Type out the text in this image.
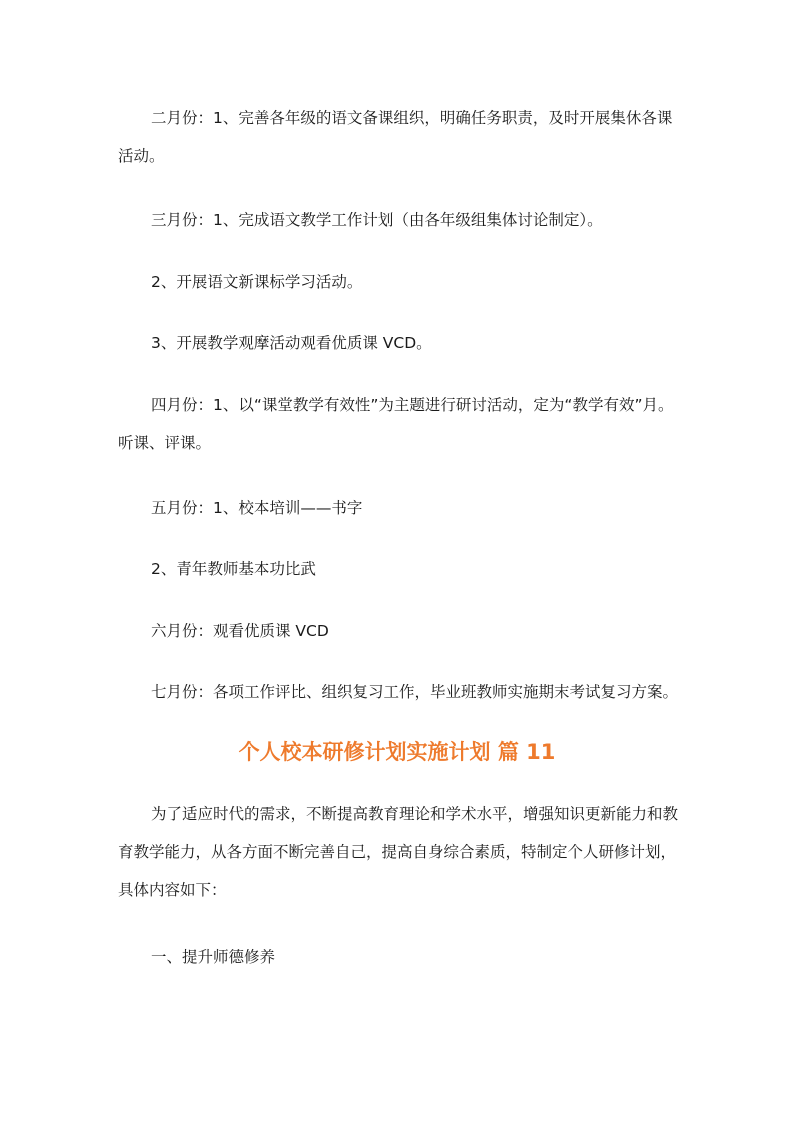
二月份：1、完善各年级的语文备课组织，明确任务职责，及时开展集休各课活动。

三月份：1、完成语文教学工作计划（由各年级组集体讨论制定）。

2、开展语文新课标学习活动。

3、开展教学观摩活动观看优质课 VCD。

四月份：1、以“课堂教学有效性”为主题进行研讨活动，定为“教学有效”月。听课、评课。

五月份：1、校本培训——书字

2、青年教师基本功比武

六月份：观看优质课 VCD

七月份：各项工作评比、组织复习工作，毕业班教师实施期末考试复习方案。

个人校本研修计划实施计划 篇 11

为了适应时代的需求，不断提高教育理论和学术水平，增强知识更新能力和教育教学能力，从各方面不断完善自己，提高自身综合素质，特制定个人研修计划，具体内容如下：

一、提升师德修养
